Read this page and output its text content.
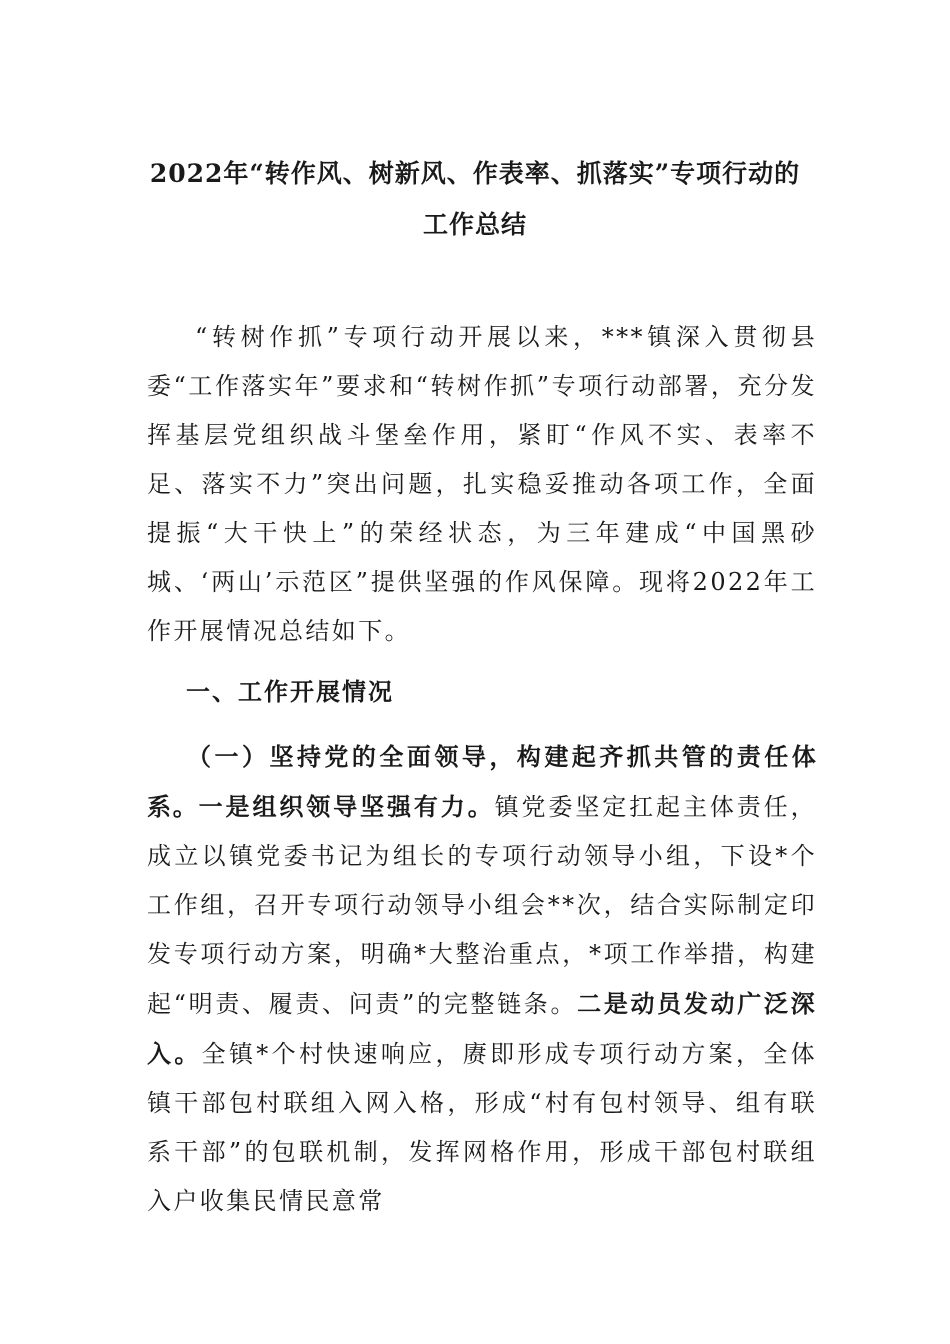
2022年“转作风、树新风、作表率、抓落实”专项行动的
工作总结
“转树作抓”专项行动开展以来，***镇深入贯彻县委“工作落实年”要求和“转树作抓”专项行动部署，充分发挥基层党组织战斗堡垒作用，紧盯“作风不实、表率不足、落实不力”突出问题，扎实稳妥推动各项工作，全面提振“大干快上”的荣经状态，为三年建成“中国黑砂城、‘两山’示范区”提供坚强的作风保障。现将2022年工作开展情况总结如下。
一、工作开展情况
（一）坚持党的全面领导，构建起齐抓共管的责任体系。一是组织领导坚强有力。镇党委坚定扛起主体责任，成立以镇党委书记为组长的专项行动领导小组，下设*个工作组，召开专项行动领导小组会**次，结合实际制定印发专项行动方案，明确*大整治重点，*项工作举措，构建起“明责、履责、问责”的完整链条。二是动员发动广泛深入。全镇*个村快速响应，赓即形成专项行动方案，全体镇干部包村联组入网入格，形成“村有包村领导、组有联系干部”的包联机制，发挥网格作用，形成干部包村联组入户收集民情民意常
